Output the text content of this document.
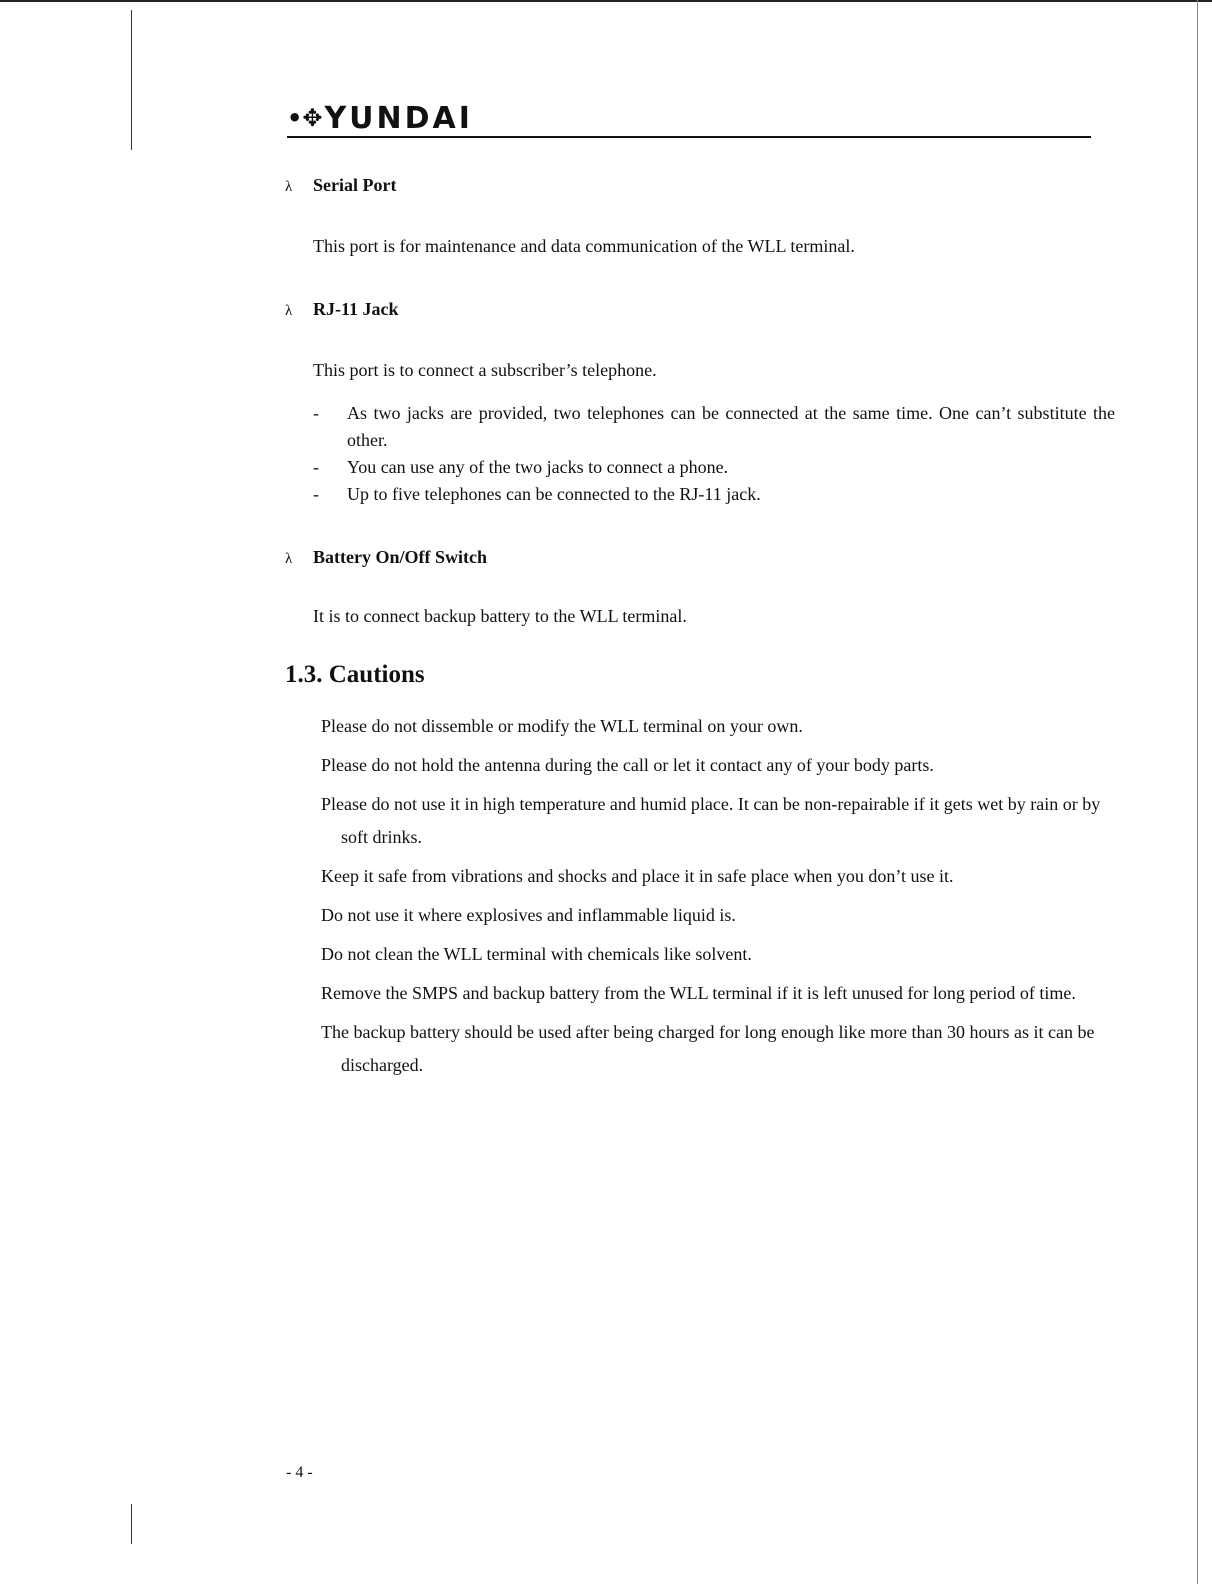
•✥YUNDAI
λ	Serial Port

This port is for maintenance and data communication of the WLL terminal.

λ	RJ-11 Jack

This port is to connect a subscriber’s telephone.

-	As two jacks are provided, two telephones can be connected at the same time. One can’t substitute the other.
-	You can use any of the two jacks to connect a phone.
-	Up to five telephones can be connected to the RJ-11 jack.
λ	Battery On/Off Switch

It is to connect backup battery to the WLL terminal.

1.3. Cautions

Please do not dissemble or modify the WLL terminal on your own.

Please do not hold the antenna during the call or let it contact any of your body parts.

Please do not use it in high temperature and humid place. It can be non-repairable if it gets wet by rain or by soft drinks.

Keep it safe from vibrations and shocks and place it in safe place when you don’t use it.

Do not use it where explosives and inflammable liquid is.

Do not clean the WLL terminal with chemicals like solvent.

Remove the SMPS and backup battery from the WLL terminal if it is left unused for long period of time.

The backup battery should be used after being charged for long enough like more than 30 hours as it can be discharged.

- 4 -
